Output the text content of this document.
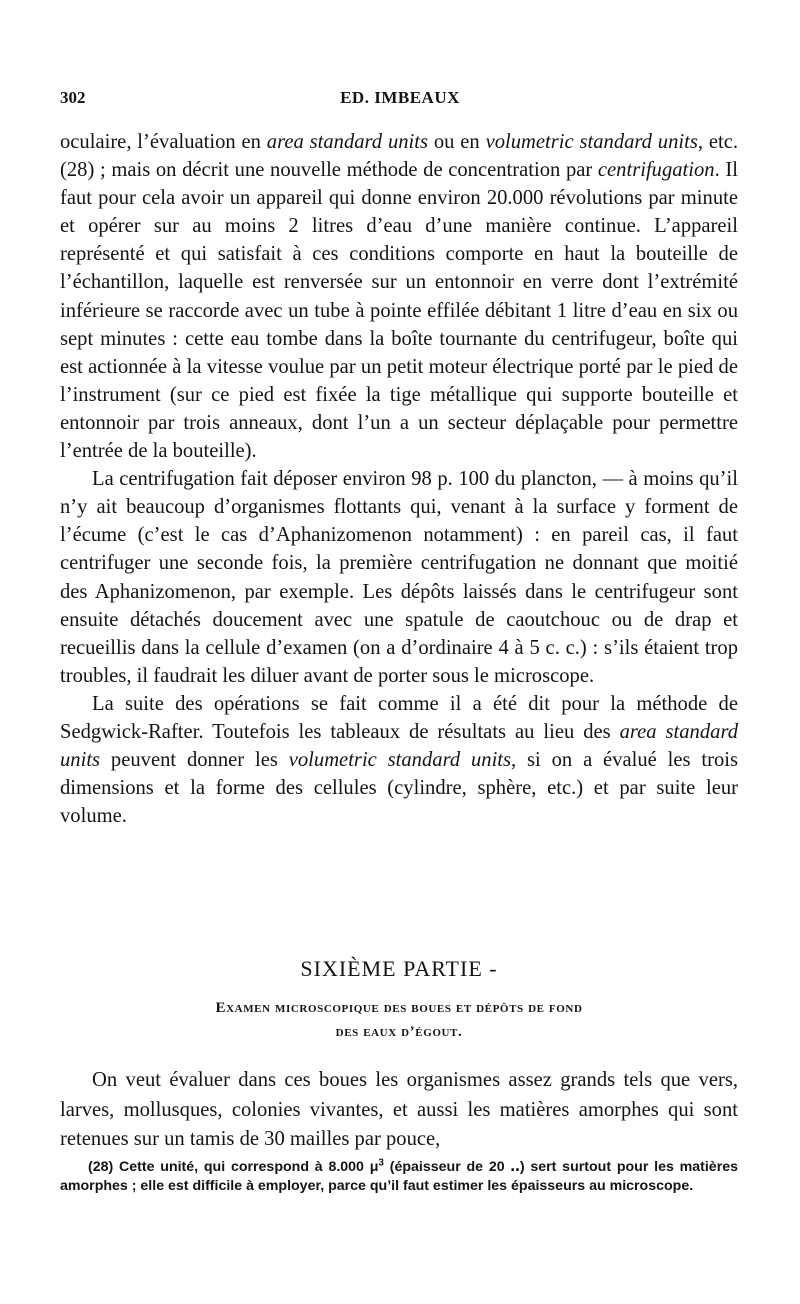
302	ED. IMBEAUX

oculaire, l’évaluation en area standard units ou en volumetric standard units, etc. (28) ; mais on décrit une nouvelle méthode de concentration par centrifugation. Il faut pour cela avoir un appareil qui donne environ 20.000 révolutions par minute et opérer sur au moins 2 litres d’eau d’une manière continue. L’appareil représenté et qui satisfait à ces conditions comporte en haut la bouteille de l’échantillon, laquelle est renversée sur un entonnoir en verre dont l’extrémité inférieure se raccorde avec un tube à pointe effilée débitant 1 litre d’eau en six ou sept minutes : cette eau tombe dans la boîte tournante du centrifugeur, boîte qui est actionnée à la vitesse voulue par un petit moteur électrique porté par le pied de l’instrument (sur ce pied est fixée la tige métallique qui supporte bouteille et entonnoir par trois anneaux, dont l’un a un secteur déplaçable pour permettre l’entrée de la bouteille).

La centrifugation fait déposer environ 98 p. 100 du plancton, — à moins qu’il n’y ait beaucoup d’organismes flottants qui, venant à la surface y forment de l’écume (c’est le cas d’Aphanizomenon notamment) : en pareil cas, il faut centrifuger une seconde fois, la première centrifugation ne donnant que moitié des Aphanizomenon, par exemple. Les dépôts laissés dans le centrifugeur sont ensuite détachés doucement avec une spatule de caoutchouc ou de drap et recueillis dans la cellule d’examen (on a d’ordinaire 4 à 5 c. c.) : s’ils étaient trop troubles, il faudrait les diluer avant de porter sous le microscope.

La suite des opérations se fait comme il a été dit pour la méthode de Sedgwick-Rafter. Toutefois les tableaux de résultats au lieu des area standard units peuvent donner les volumetric standard units, si on a évalué les trois dimensions et la forme des cellules (cylindre, sphère, etc.) et par suite leur volume.

SIXIÈME PARTIE -
Examen microscopique des boues et dépôts de fond
des eaux d’égout.

On veut évaluer dans ces boues les organismes assez grands tels que vers, larves, mollusques, colonies vivantes, et aussi les matières amorphes qui sont retenues sur un tamis de 30 mailles par pouce,

(28) Cette unité, qui correspond à 8.000 $\mu^3$ (épaisseur de 20 ‥) sert surtout pour les matières amorphes ; elle est difficile à employer, parce qu’il faut estimer les épaisseurs au microscope.
